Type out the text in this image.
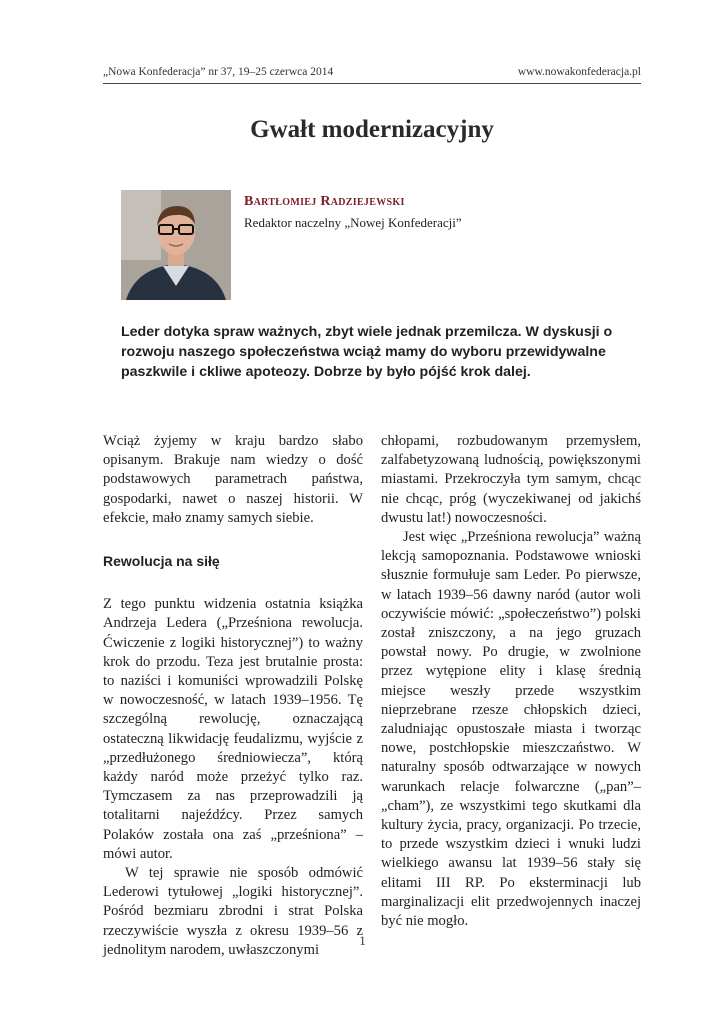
„Nowa Konfederacja” nr 37, 19–25 czerwca 2014	www.nowakonfederacja.pl
Gwałt modernizacyjny
Bartłomiej Radziejewski
Redaktor naczelny „Nowej Konfederacji”
Leder dotyka spraw ważnych, zbyt wiele jednak przemilcza. W dyskusji o rozwoju naszego społeczeństwa wciąż mamy do wyboru przewidywalne paszkwile i ckliwe apoteozy. Dobrze by było pójść krok dalej.

Wciąż żyjemy w kraju bardzo słabo opisanym. Brakuje nam wiedzy o dość podstawowych parametrach państwa, gospodarki, nawet o naszej historii. W efekcie, mało znamy samych siebie.

Rewolucja na siłę

Z tego punktu widzenia ostatnia książka Andrzeja Ledera („Prześniona rewolucja. Ćwiczenie z logiki historycznej”) to ważny krok do przodu. Teza jest brutalnie prosta: to naziści i komuniści wprowadzili Polskę w nowoczesność, w latach 1939–1956. Tę szczególną rewolucję, oznaczającą ostateczną likwidację feudalizmu, wyjście z „przedłużonego średniowiecza”, którą każdy naród może przeżyć tylko raz. Tymczasem za nas przeprowadzili ją totalitarni najeźdźcy. Przez samych Polaków została ona zaś „prześniona” – mówi autor.

W tej sprawie nie sposób odmówić Lederowi tytułowej „logiki historycznej”. Pośród bezmiaru zbrodni i strat Polska rzeczywiście wyszła z okresu 1939–56 z jednolitym narodem, uwłaszczonymi

chłopami, rozbudowanym przemysłem, zalfabetyzowaną ludnością, powiększonymi miastami. Przekroczyła tym samym, chcąc nie chcąc, próg (wyczekiwanej od jakichś dwustu lat!) nowoczesności.

Jest więc „Prześniona rewolucja” ważną lekcją samopoznania. Podstawowe wnioski słusznie formułuje sam Leder. Po pierwsze, w latach 1939–56 dawny naród (autor woli oczywiście mówić: „społeczeństwo”) polski został zniszczony, a na jego gruzach powstał nowy. Po drugie, w zwolnione przez wytępione elity i klasę średnią miejsce weszły przede wszystkim nieprzebrane rzesze chłopskich dzieci, zaludniając opustoszałe miasta i tworząc nowe, postchłopskie mieszczaństwo. W naturalny sposób odtwarzające w nowych warunkach relacje folwarczne („pan”– „cham”), ze wszystkimi tego skutkami dla kultury życia, pracy, organizacji. Po trzecie, to przede wszystkim dzieci i wnuki ludzi wielkiego awansu lat 1939–56 stały się elitami III RP. Po eksterminacji lub marginalizacji elit przedwojennych inaczej być nie mogło.

1
